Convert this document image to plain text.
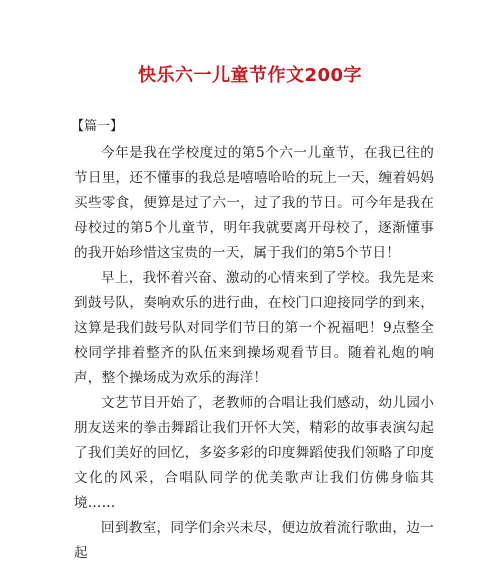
快乐六一儿童节作文200字
【篇一】

今年是我在学校度过的第5个六一儿童节，在我已往的节日里，还不懂事的我总是嘻嘻哈哈的玩上一天，缠着妈妈买些零食，便算是过了六一，过了我的节日。可今年是我在母校过的第5个儿童节，明年我就要离开母校了，逐渐懂事的我开始珍惜这宝贵的一天，属于我们的第5个节日！

早上，我怀着兴奋、激动的心情来到了学校。我先是来到鼓号队，奏响欢乐的进行曲，在校门口迎接同学的到来，这算是我们鼓号队对同学们节日的第一个祝福吧！9点整全校同学排着整齐的队伍来到操场观看节目。随着礼炮的响声，整个操场成为欢乐的海洋！

文艺节目开始了，老教师的合唱让我们感动，幼儿园小朋友送来的拳击舞蹈让我们开怀大笑，精彩的故事表演勾起了我们美好的回忆，多姿多彩的印度舞蹈使我们领略了印度文化的风采，合唱队同学的优美歌声让我们仿佛身临其境……

回到教室，同学们余兴未尽，便边放着流行歌曲，边一起
